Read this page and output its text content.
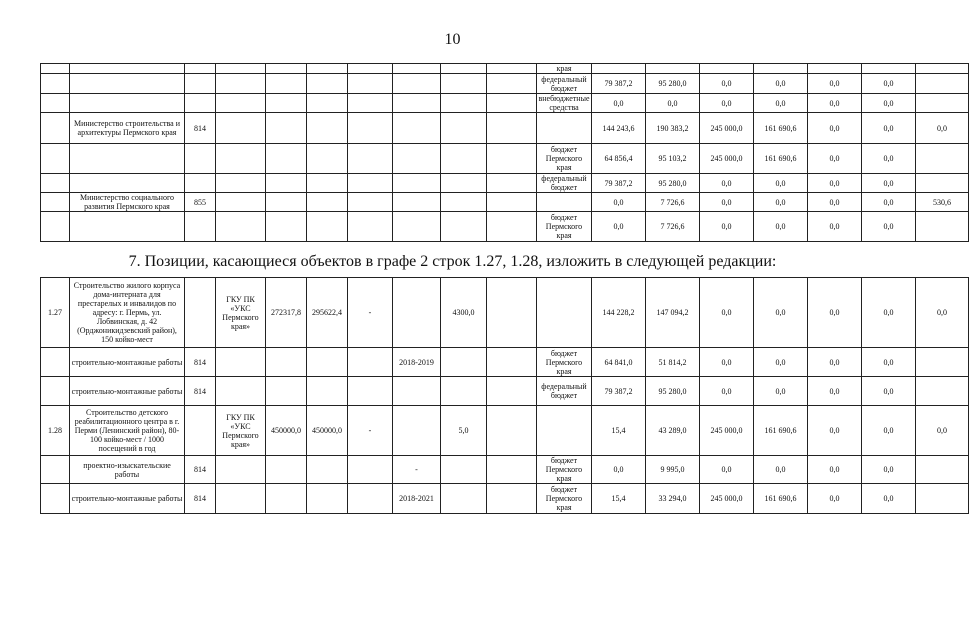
10
										края							
										федеральный бюджет	79 387,2	95 280,0	0,0	0,0	0,0	0,0	
										внебюджетные средства	0,0	0,0	0,0	0,0	0,0	0,0	
	Министерство строительства и архитектуры Пермского края	814									144 243,6	190 383,2	245 000,0	161 690,6	0,0	0,0	0,0
										бюджет Пермского края	64 856,4	95 103,2	245 000,0	161 690,6	0,0	0,0	
										федеральный бюджет	79 387,2	95 280,0	0,0	0,0	0,0	0,0	
	Министерство социального развития Пермского края	855									0,0	7 726,6	0,0	0,0	0,0	0,0	530,6
										бюджет Пермского края	0,0	7 726,6	0,0	0,0	0,0	0,0	
7. Позиции, касающиеся объектов в графе 2 строк 1.27, 1.28, изложить в следующей редакции:
1.27	Строительство жилого корпуса дома-интерната для престарелых и инвалидов по адресу: г. Пермь, ул. Лобвинская, д. 42 (Орджоникидзевский район), 150 койко-мест		ГКУ ПК «УКС Пермского края»	272317,8	295622,4	-		4300,0			144 228,2	147 094,2	0,0	0,0	0,0	0,0	0,0
	строительно-монтажные работы	814					2018-2019			бюджет Пермского края	64 841,0	51 814,2	0,0	0,0	0,0	0,0	
	строительно-монтажные работы	814								федеральный бюджет	79 387,2	95 280,0	0,0	0,0	0,0	0,0	
1.28	Строительство детского реабилитационного центра в г. Перми (Ленинский район), 80-100 койко-мест / 1000 посещений в год		ГКУ ПК «УКС Пермского края»	450000,0	450000,0	-		5,0			15,4	43 289,0	245 000,0	161 690,6	0,0	0,0	0,0
	проектно-изыскательские работы	814					-			бюджет Пермского края	0,0	9 995,0	0,0	0,0	0,0	0,0	
	строительно-монтажные работы	814					2018-2021			бюджет Пермского края	15,4	33 294,0	245 000,0	161 690,6	0,0	0,0	
